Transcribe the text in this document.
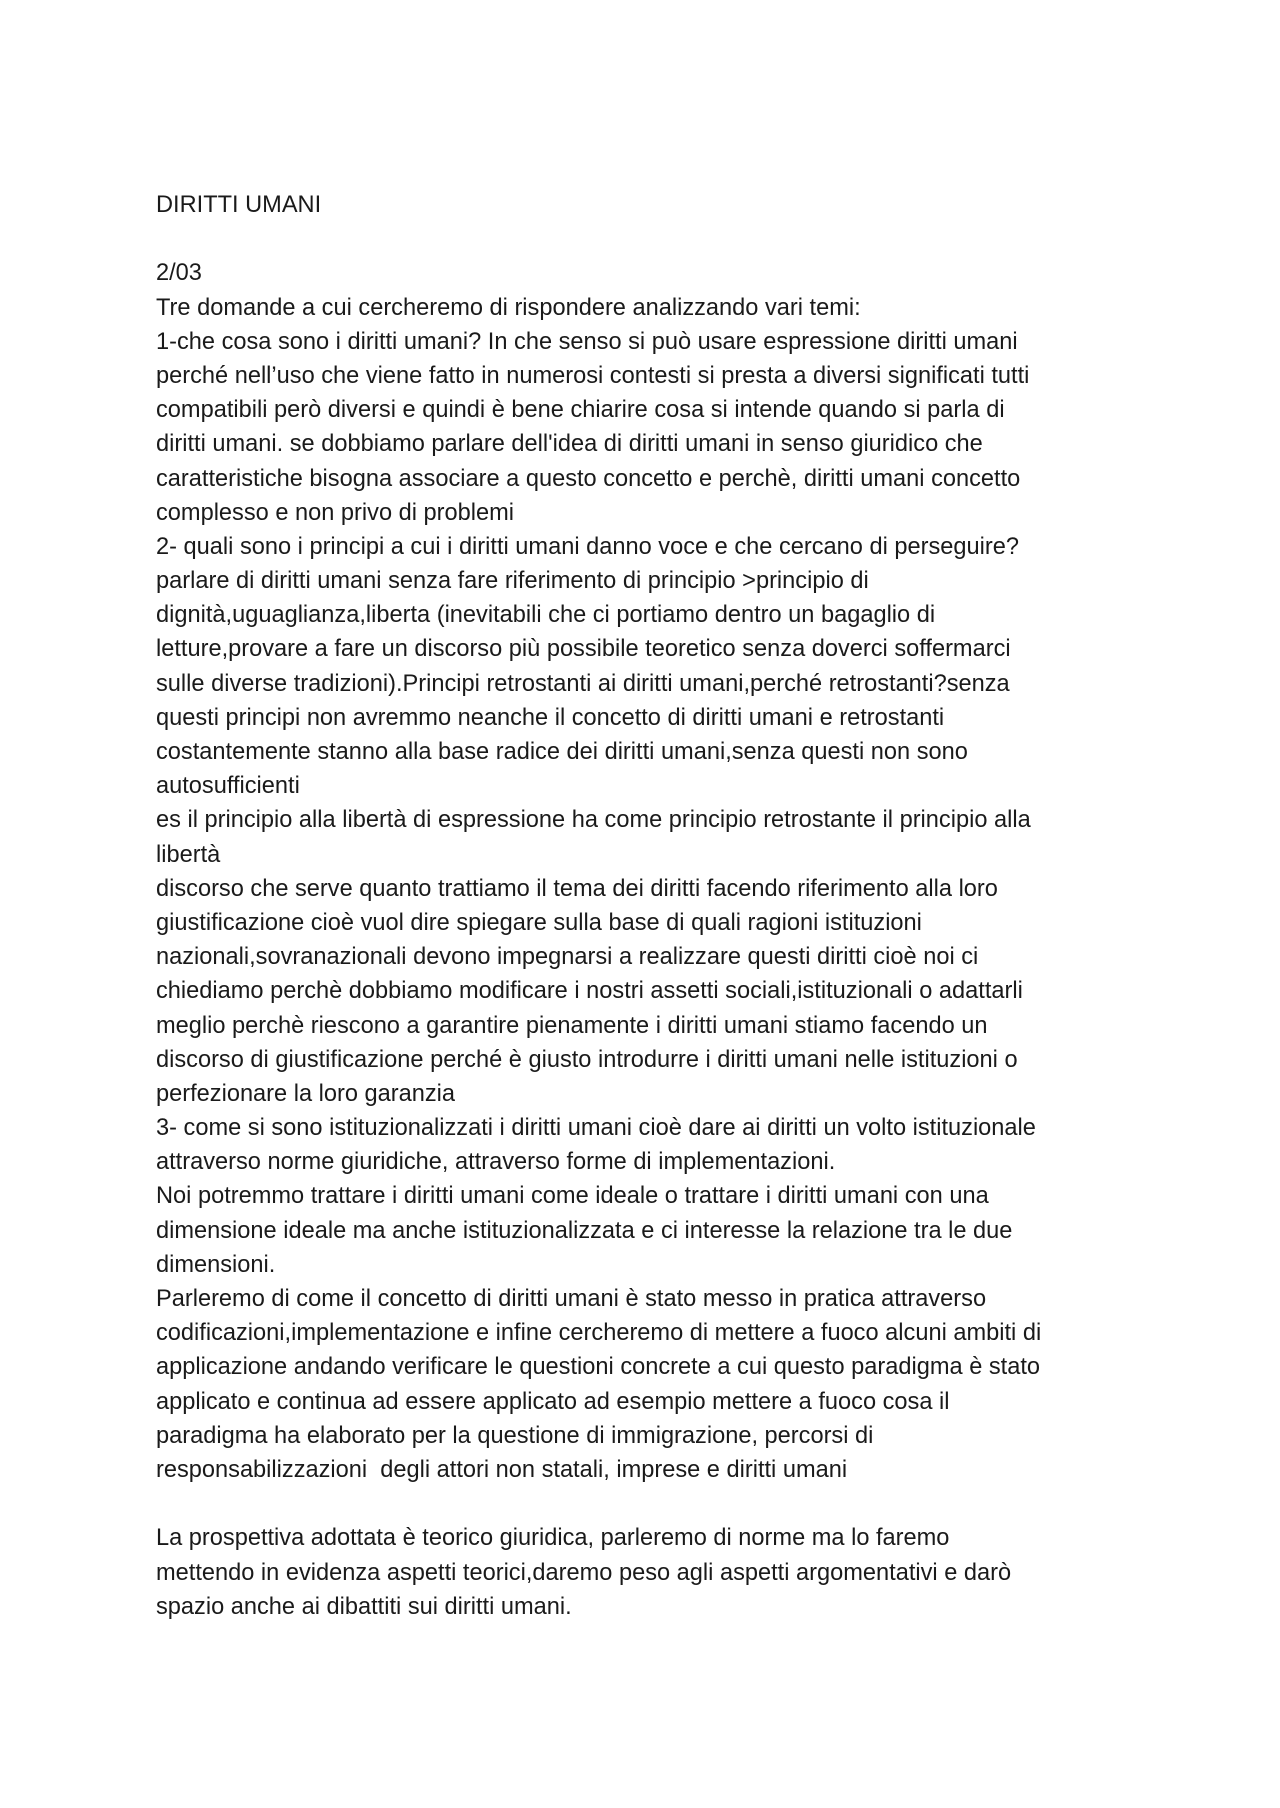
DIRITTI UMANI
2/03
Tre domande a cui cercheremo di rispondere analizzando vari temi:
1-che cosa sono i diritti umani? In che senso si può usare espressione diritti umani
perché nell’uso che viene fatto in numerosi contesti si presta a diversi significati tutti
compatibili però diversi e quindi è bene chiarire cosa si intende quando si parla di
diritti umani. se dobbiamo parlare dell'idea di diritti umani in senso giuridico che
caratteristiche bisogna associare a questo concetto e perchè, diritti umani concetto
complesso e non privo di problemi
2- quali sono i principi a cui i diritti umani danno voce e che cercano di perseguire?
parlare di diritti umani senza fare riferimento di principio >principio di
dignità,uguaglianza,liberta (inevitabili che ci portiamo dentro un bagaglio di
letture,provare a fare un discorso più possibile teoretico senza doverci soffermarci
sulle diverse tradizioni).Principi retrostanti ai diritti umani,perché retrostanti?senza
questi principi non avremmo neanche il concetto di diritti umani e retrostanti
costantemente stanno alla base radice dei diritti umani,senza questi non sono
autosufficienti
es il principio alla libertà di espressione ha come principio retrostante il principio alla
libertà
discorso che serve quanto trattiamo il tema dei diritti facendo riferimento alla loro
giustificazione cioè vuol dire spiegare sulla base di quali ragioni istituzioni
nazionali,sovranazionali devono impegnarsi a realizzare questi diritti cioè noi ci
chiediamo perchè dobbiamo modificare i nostri assetti sociali,istituzionali o adattarli
meglio perchè riescono a garantire pienamente i diritti umani stiamo facendo un
discorso di giustificazione perché è giusto introdurre i diritti umani nelle istituzioni o
perfezionare la loro garanzia
3- come si sono istituzionalizzati i diritti umani cioè dare ai diritti un volto istituzionale
attraverso norme giuridiche, attraverso forme di implementazioni.
Noi potremmo trattare i diritti umani come ideale o trattare i diritti umani con una
dimensione ideale ma anche istituzionalizzata e ci interesse la relazione tra le due
dimensioni.
Parleremo di come il concetto di diritti umani è stato messo in pratica attraverso
codificazioni,implementazione e infine cercheremo di mettere a fuoco alcuni ambiti di
applicazione andando verificare le questioni concrete a cui questo paradigma è stato
applicato e continua ad essere applicato ad esempio mettere a fuoco cosa il
paradigma ha elaborato per la questione di immigrazione, percorsi di
responsabilizzazioni  degli attori non statali, imprese e diritti umani
La prospettiva adottata è teorico giuridica, parleremo di norme ma lo faremo
mettendo in evidenza aspetti teorici,daremo peso agli aspetti argomentativi e darò
spazio anche ai dibattiti sui diritti umani.
